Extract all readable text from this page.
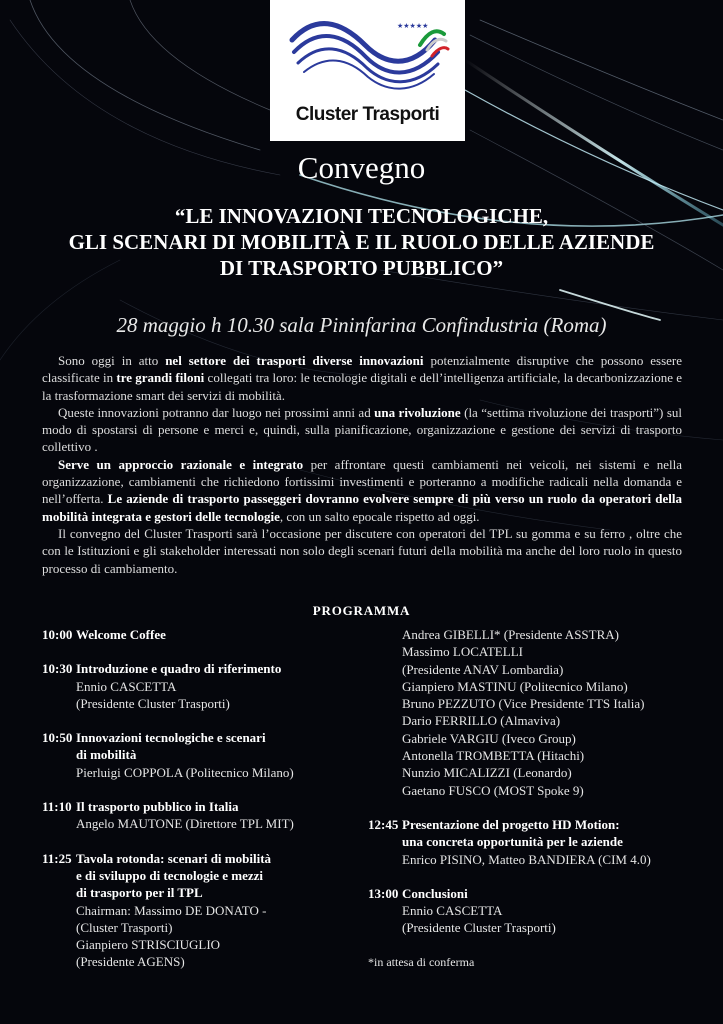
★★★★★
Cluster Trasporti
Convegno
“LE INNOVAZIONI TECNOLOGICHE,
GLI SCENARI DI MOBILITÀ E IL RUOLO DELLE AZIENDE
DI TRASPORTO PUBBLICO”
28 maggio h 10.30 sala Pininfarina Confindustria (Roma)

Sono oggi in atto nel settore dei trasporti diverse innovazioni potenzialmente disruptive che possono essere classificate in tre grandi filoni collegati tra loro: le tecnologie digitali e dell’intelligenza artificiale, la decarbonizzazione e la trasformazione smart dei servizi di mobilità.

Queste innovazioni potranno dar luogo nei prossimi anni ad una rivoluzione (la “settima rivoluzione dei trasporti”) sul modo di spostarsi di persone e merci e, quindi, sulla pianificazione, organizzazione e gestione dei servizi di trasporto collettivo .

Serve un approccio razionale e integrato per affrontare questi cambiamenti nei veicoli, nei sistemi e nella organizzazione, cambiamenti che richiedono fortissimi investimenti e porteranno a modifiche radicali nella domanda e nell’offerta. Le aziende di trasporto passeggeri dovranno evolvere sempre di più verso un ruolo da operatori della mobilità integrata e gestori delle tecnologie, con un salto epocale rispetto ad oggi.

Il convegno del Cluster Trasporti sarà l’occasione per discutere con operatori del TPL su gomma e su ferro , oltre che con le Istituzioni e gli stakeholder interessati non solo degli scenari futuri della mobilità ma anche del loro ruolo in questo processo di cambiamento.

PROGRAMMA
10:00 Welcome Coffee
10:30 Introduzione e quadro di riferimento
Ennio CASCETTA
(Presidente Cluster Trasporti)
10:50 Innovazioni tecnologiche e scenari
di mobilità
Pierluigi COPPOLA (Politecnico Milano)
11:10 Il trasporto pubblico in Italia
Angelo MAUTONE (Direttore TPL MIT)
11:25 Tavola rotonda: scenari di mobilità
e di sviluppo di tecnologie e mezzi
di trasporto per il TPL
Chairman: Massimo DE DONATO -
(Cluster Trasporti)
Gianpiero STRISCIUGLIO
(Presidente AGENS)
Andrea GIBELLI* (Presidente ASSTRA)
Massimo LOCATELLI
(Presidente ANAV Lombardia)
Gianpiero MASTINU (Politecnico Milano)
Bruno PEZZUTO (Vice Presidente TTS Italia)
Dario FERRILLO (Almaviva)
Gabriele VARGIU (Iveco Group)
Antonella TROMBETTA (Hitachi)
Nunzio MICALIZZI (Leonardo)
Gaetano FUSCO (MOST Spoke 9)
12:45 Presentazione del progetto HD Motion:
una concreta opportunità per le aziende
Enrico PISINO, Matteo BANDIERA (CIM 4.0)
13:00 Conclusioni
Ennio CASCETTA
(Presidente Cluster Trasporti)
*in attesa di conferma
